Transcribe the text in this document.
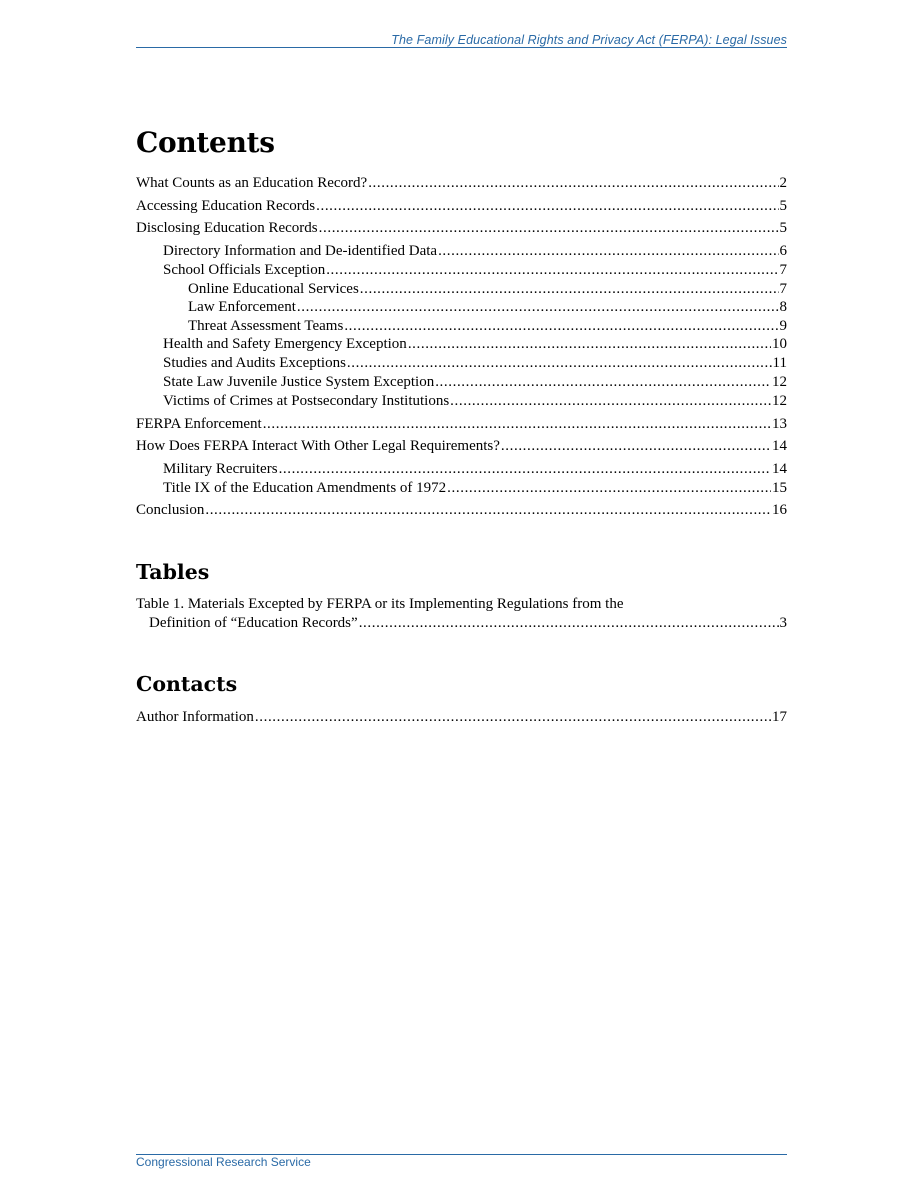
The Family Educational Rights and Privacy Act (FERPA): Legal Issues
Contents
What Counts as an Education Record? .....	2
Accessing Education Records .....	5
Disclosing Education Records .....	5
Directory Information and De-identified Data .....	6
School Officials Exception .....	7
Online Educational Services .....	7
Law Enforcement .....	8
Threat Assessment Teams .....	9
Health and Safety Emergency Exception .....	10
Studies and Audits Exceptions .....	11
State Law Juvenile Justice System Exception .....	12
Victims of Crimes at Postsecondary Institutions .....	12
FERPA Enforcement .....	13
How Does FERPA Interact With Other Legal Requirements? .....	14
Military Recruiters .....	14
Title IX of the Education Amendments of 1972 .....	15
Conclusion .....	16
Tables
Table 1. Materials Excepted by FERPA or its Implementing Regulations from the
Definition of “Education Records” .....	3
Contacts
Author Information .....	17
Congressional Research Service
